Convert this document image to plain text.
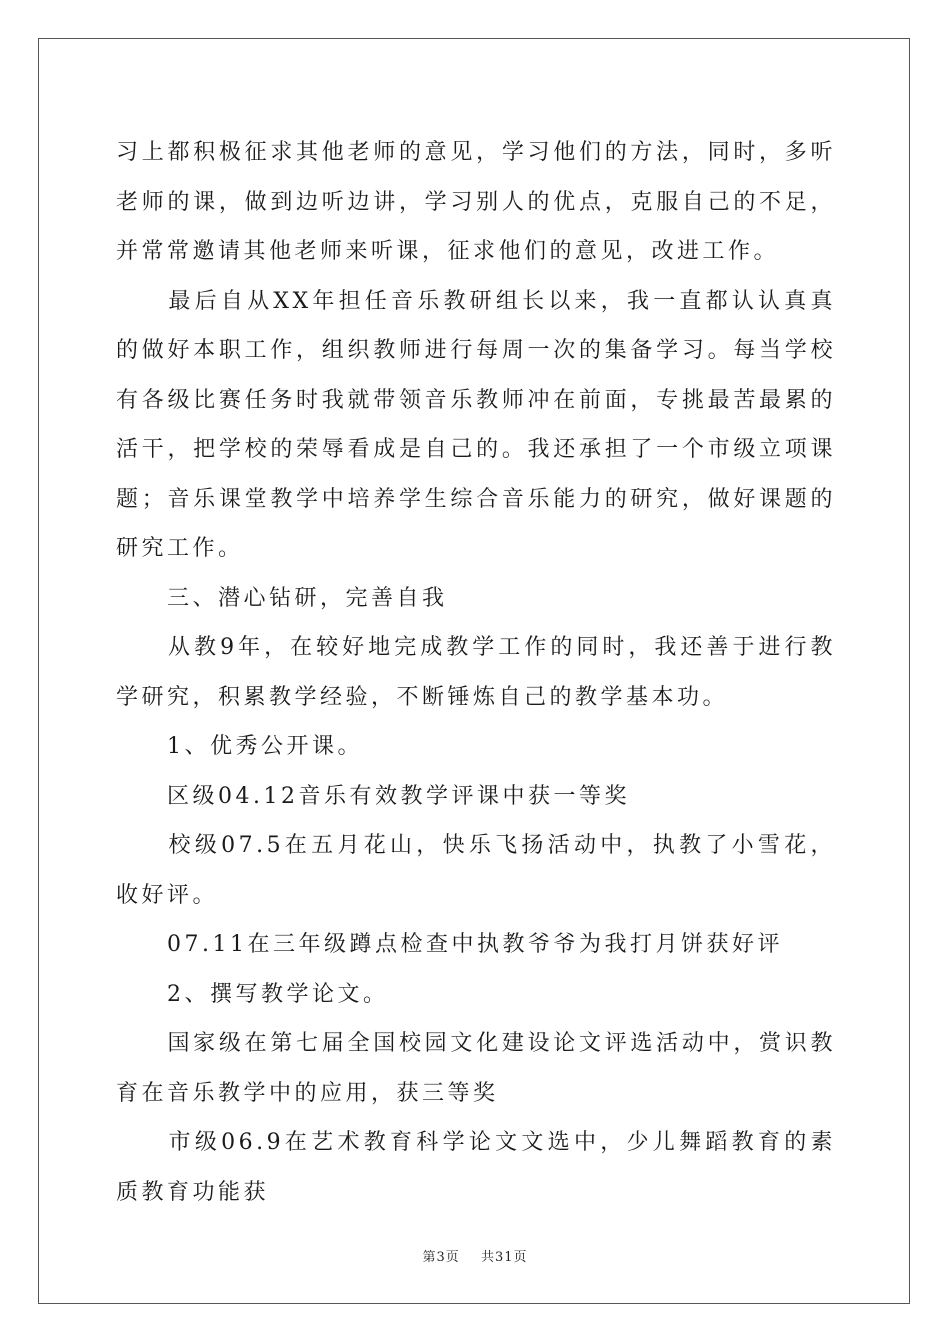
习上都积极征求其他老师的意见，学习他们的方法，同时，多听老师的课，做到边听边讲，学习别人的优点，克服自己的不足，并常常邀请其他老师来听课，征求他们的意见，改进工作。

　　最后自从XX年担任音乐教研组长以来，我一直都认认真真的做好本职工作，组织教师进行每周一次的集备学习。每当学校有各级比赛任务时我就带领音乐教师冲在前面，专挑最苦最累的活干，把学校的荣辱看成是自己的。我还承担了一个市级立项课题；音乐课堂教学中培养学生综合音乐能力的研究，做好课题的研究工作。

　　三、潜心钻研，完善自我

　　从教9年，在较好地完成教学工作的同时，我还善于进行教学研究，积累教学经验，不断锤炼自己的教学基本功。

　　1、优秀公开课。

　　区级04.12音乐有效教学评课中获一等奖

　　校级07.5在五月花山，快乐飞扬活动中，执教了小雪花，收好评。

　　07.11在三年级蹲点检查中执教爷爷为我打月饼获好评

　　2、撰写教学论文。

　　国家级在第七届全国校园文化建设论文评选活动中，赏识教育在音乐教学中的应用，获三等奖

　　市级06.9在艺术教育科学论文文选中，少儿舞蹈教育的素质教育功能获

第3页 共31页
